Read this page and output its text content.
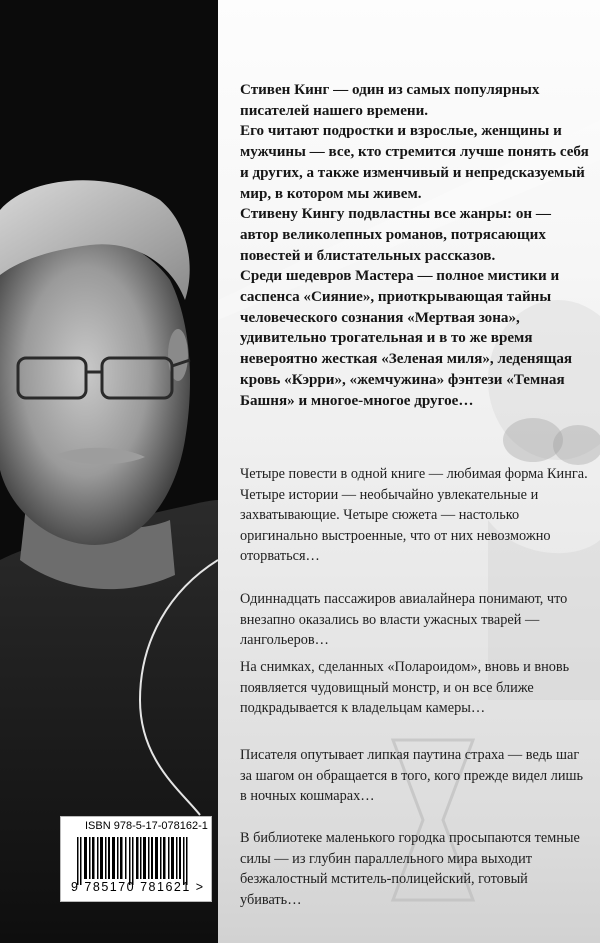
Стивен Кинг — один из самых популярных писателей нашего времени.

Его читают подростки и взрослые, женщины и мужчины — все, кто стремится лучше понять себя и других, а также изменчивый и непредсказуемый мир, в котором мы живем.

Стивену Кингу подвластны все жанры: он — автор великолепных романов, потрясающих повестей и блистательных рассказов.

Среди шедевров Мастера — полное мистики и саспенса «Сияние», приоткрывающая тайны человеческого сознания «Мертвая зона», удивительно трогательная и в то же время невероятно жесткая «Зеленая миля», леденящая кровь «Кэрри», «жемчужина» фэнтези «Темная Башня» и многое-многое другое…

Четыре повести в одной книге — любимая форма Кинга. Четыре истории — необычайно увлекательные и захватывающие. Четыре сюжета — настолько оригинально выстроенные, что от них невозможно оторваться…

Одиннадцать пассажиров авиалайнера понимают, что внезапно оказались во власти ужасных тварей — лангольеров…

На снимках, сделанных «Полароидом», вновь и вновь появляется чудовищный монстр, и он все ближе подкрадывается к владельцам камеры…

Писателя опутывает липкая паутина страха — ведь шаг за шагом он обращается в того, кого прежде видел лишь в ночных кошмарах…

В библиотеке маленького городка просыпаются темные силы — из глубин параллельного мира выходит безжалостный мститель-полицейский, готовый убивать…

ISBN 978-5-17-078162-1
9 785170 781621 >
